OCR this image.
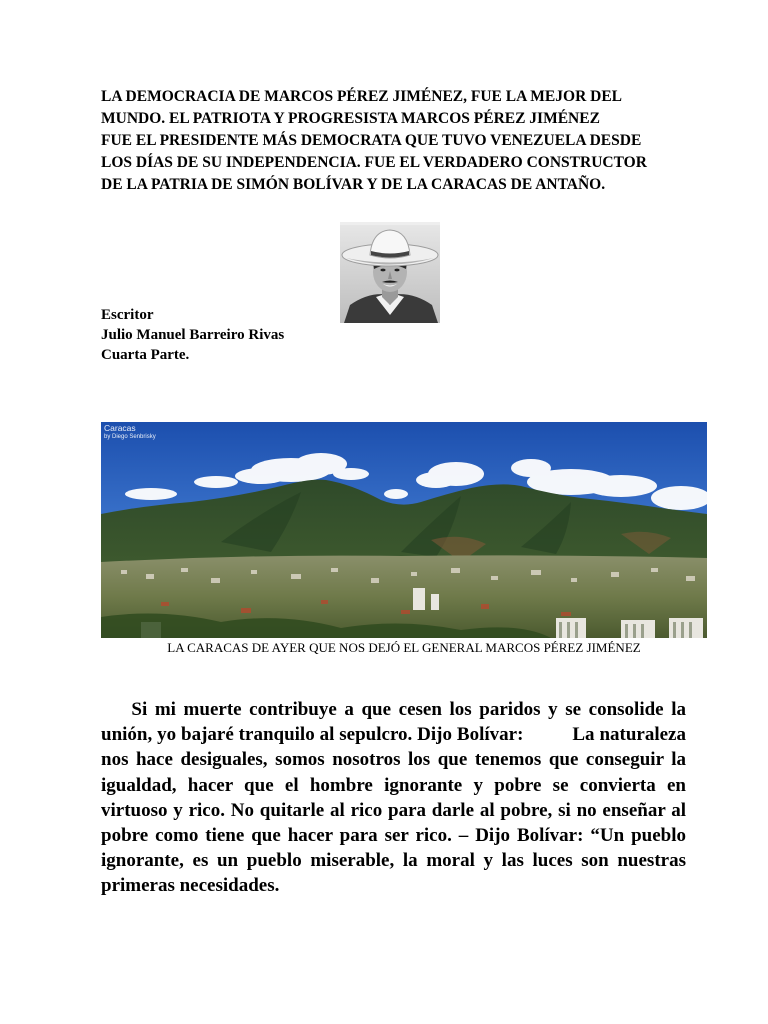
LA DEMOCRACIA DE MARCOS PÉREZ JIMÉNEZ, FUE LA MEJOR DEL
MUNDO. EL PATRIOTA Y PROGRESISTA MARCOS PÉREZ JIMÉNEZ
FUE EL PRESIDENTE MÁS DEMOCRATA QUE TUVO VENEZUELA DESDE
LOS DÍAS DE SU INDEPENDENCIA. FUE EL VERDADERO CONSTRUCTOR
DE LA PATRIA DE SIMÓN BOLÍVAR Y DE LA CARACAS DE ANTAÑO.
Escritor
Julio Manuel Barreiro Rivas
Cuarta Parte.
Caracas
by Diego Senbrisky
LA CARACAS DE AYER QUE NOS DEJÓ EL GENERAL MARCOS PÉREZ JIMÉNEZ

Si mi muerte contribuye a que cesen los paridos y se consolide la unión, yo bajaré tranquilo al sepulcro. Dijo Bolívar:          La naturaleza nos hace desiguales, somos nosotros los que tenemos que conseguir la igualdad, hacer que el hombre ignorante y pobre se convierta en virtuoso y rico. No quitarle al rico para darle al pobre, si no enseñar al pobre como tiene que hacer para ser rico. – Dijo Bolívar: “Un pueblo ignorante, es un pueblo miserable, la moral y las luces son nuestras primeras necesidades.
